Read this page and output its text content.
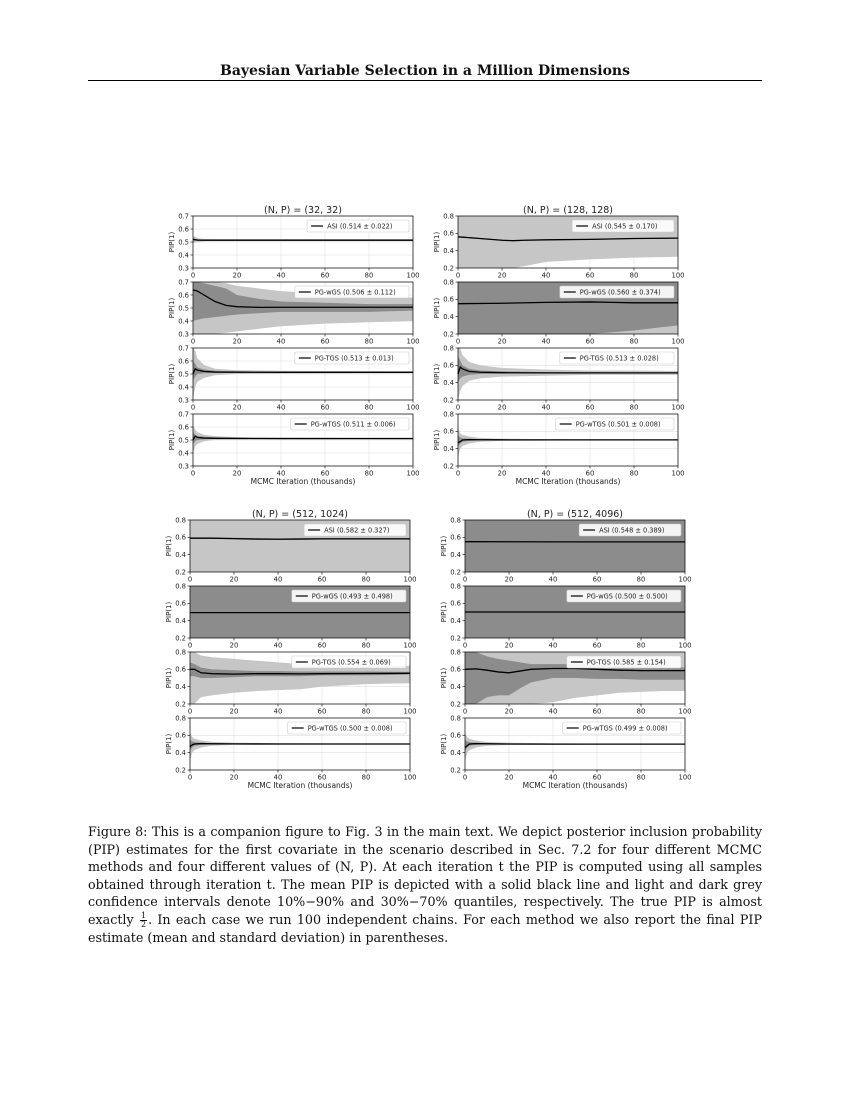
Bayesian Variable Selection in a Million Dimensions
(N, P) = (32, 32)
0	20	40	60	80	100
0.3
0.4
0.5
0.6
0.7
PIP(1)
ASI (0.514 ± 0.022)
0	20	40	60	80	100
0.3
0.4
0.5
0.6
0.7
PIP(1)
PG-wGS (0.506 ± 0.112)
0	20	40	60	80	100
0.3
0.4
0.5
0.6
0.7
PIP(1)
PG-TGS (0.513 ± 0.013)
0	20	40	60	80	100
0.3
0.4
0.5
0.6
0.7
PIP(1)
PG-wTGS (0.511 ± 0.006)
MCMC Iteration (thousands)
(N, P) = (128, 128)
0	20	40	60	80	100
0.2
0.4
0.6
0.8
PIP(1)
ASI (0.545 ± 0.170)
0	20	40	60	80	100
0.2
0.4
0.6
0.8
PIP(1)
PG-wGS (0.560 ± 0.374)
0	20	40	60	80	100
0.2
0.4
0.6
0.8
PIP(1)
PG-TGS (0.513 ± 0.028)
0	20	40	60	80	100
0.2
0.4
0.6
0.8
PIP(1)
PG-wTGS (0.501 ± 0.008)
MCMC Iteration (thousands)
(N, P) = (512, 1024)
0	20	40	60	80	100
0.2
0.4
0.6
0.8
PIP(1)
ASI (0.582 ± 0.327)
0	20	40	60	80	100
0.2
0.4
0.6
0.8
PIP(1)
PG-wGS (0.493 ± 0.498)
0	20	40	60	80	100
0.2
0.4
0.6
0.8
PIP(1)
PG-TGS (0.554 ± 0.069)
0	20	40	60	80	100
0.2
0.4
0.6
0.8
PIP(1)
PG-wTGS (0.500 ± 0.008)
MCMC Iteration (thousands)
(N, P) = (512, 4096)
0	20	40	60	80	100
0.2
0.4
0.6
0.8
PIP(1)
ASI (0.548 ± 0.389)
0	20	40	60	80	100
0.2
0.4
0.6
0.8
PIP(1)
PG-wGS (0.500 ± 0.500)
0	20	40	60	80	100
0.2
0.4
0.6
0.8
PIP(1)
PG-TGS (0.585 ± 0.154)
0	20	40	60	80	100
0.2
0.4
0.6
0.8
PIP(1)
PG-wTGS (0.499 ± 0.008)
MCMC Iteration (thousands)

Figure 8: This is a companion figure to Fig. 3 in the main text. We depict posterior inclusion probability (PIP) estimates for the first covariate in the scenario described in Sec. 7.2 for four different MCMC methods and four different values of (N, P). At each iteration t the PIP is computed using all samples obtained through iteration t. The mean PIP is depicted with a solid black line and light and dark grey confidence intervals denote 10%−90% and 30%−70% quantiles, respectively. The true PIP is almost exactly $\frac{1}{2}$ . In each case we run 100 independent chains. For each method we also report the final PIP estimate (mean and standard deviation) in parentheses.
